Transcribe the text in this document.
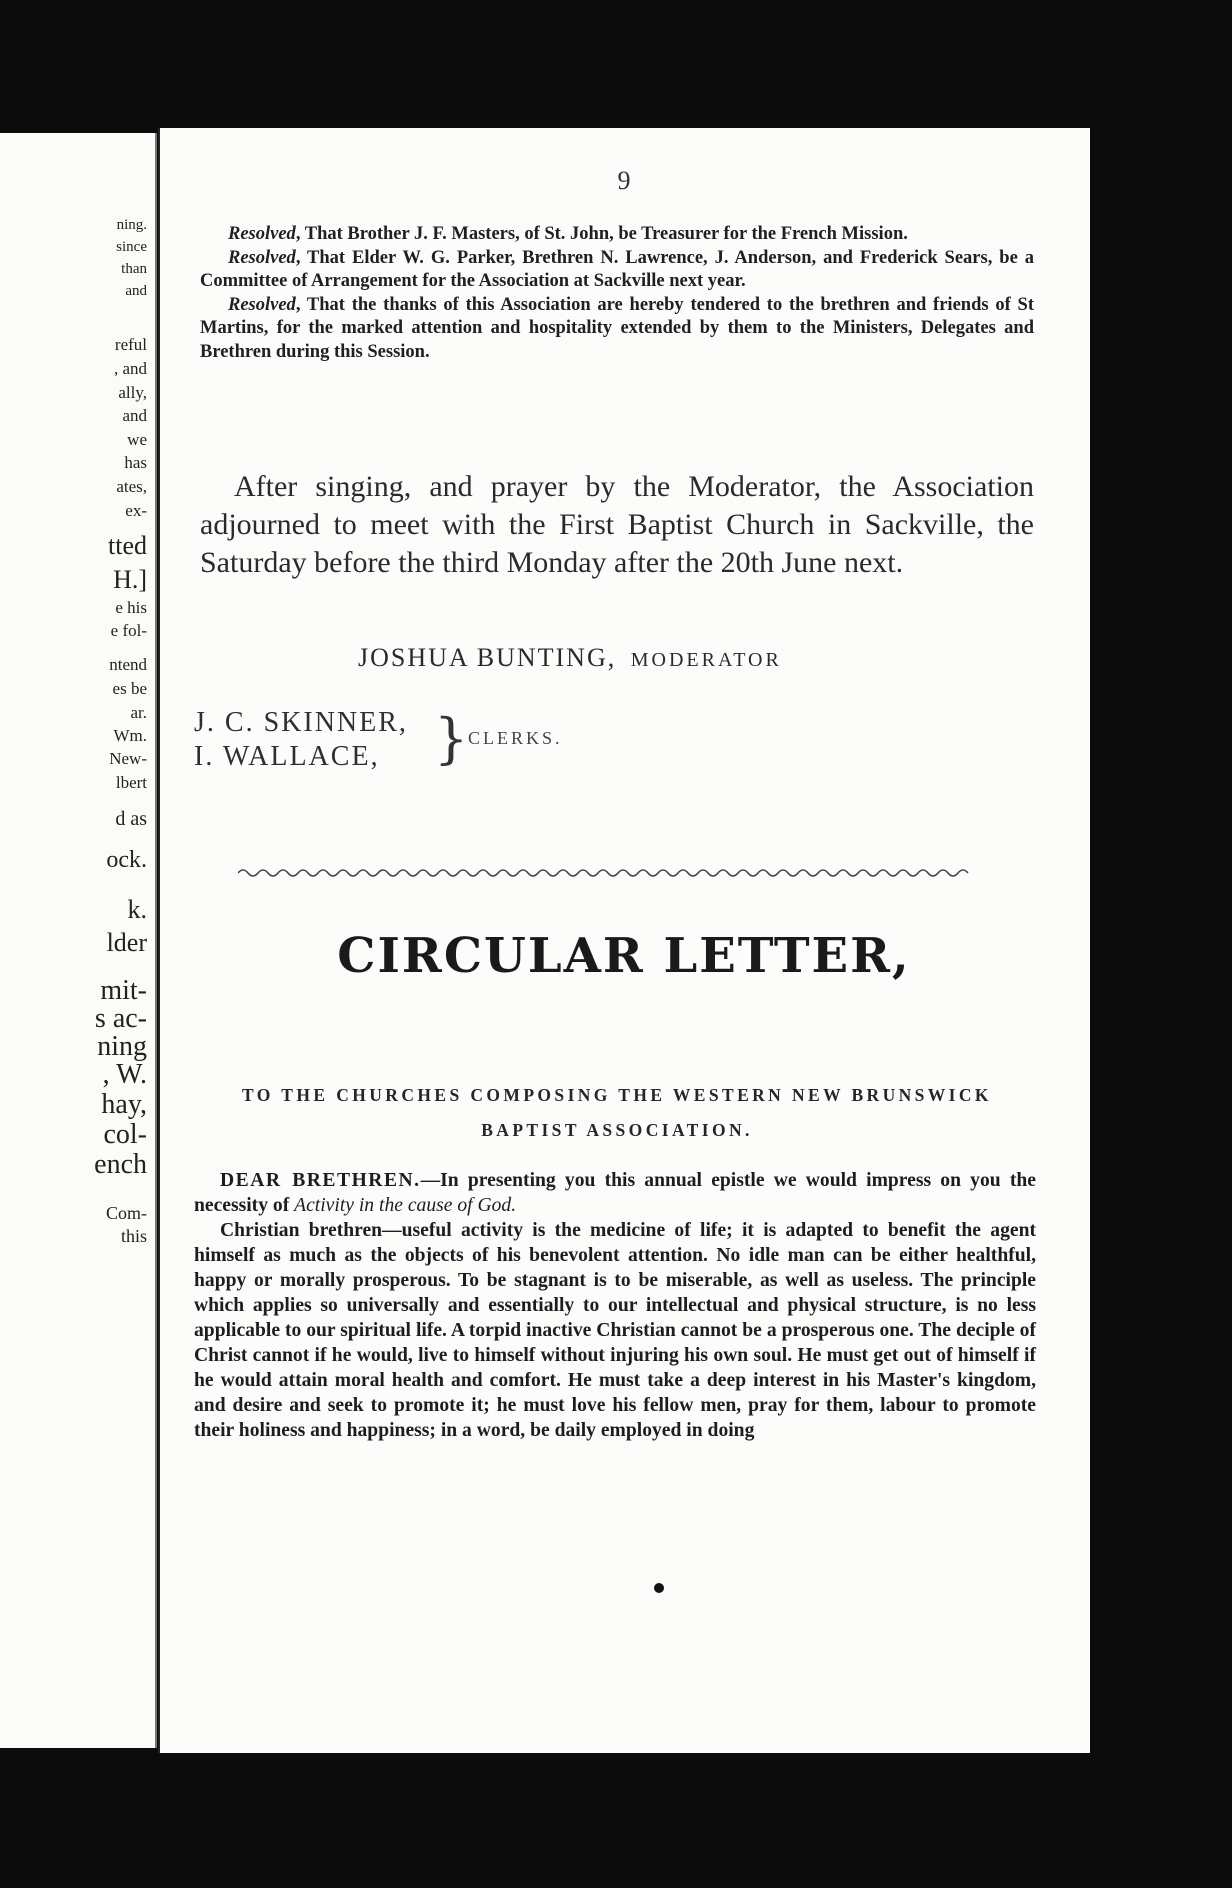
ning.
since
than
and
reful
, and
ally,
and
we
has
ates,
ex-
tted
H.]
e his
e fol-
ntend
es be
ar.
Wm.
New-
lbert
d as
ock.
k.
lder
mit-
s ac-
ning
, W.
hay,
col-
ench
Com-
this
9

Resolved, That Brother J. F. Masters, of St. John, be Treasurer for the French Mission.

Resolved, That Elder W. G. Parker, Brethren N. Lawrence, J. Anderson, and Frederick Sears, be a Committee of Arrangement for the Association at Sackville next year.

Resolved, That the thanks of this Association are hereby tendered to the brethren and friends of St Martins, for the marked attention and hospitality extended by them to the Ministers, Delegates and Brethren during this Session.

After singing, and prayer by the Moderator, the Association adjourned to meet with the First Baptist Church in Sackville, the Saturday before the third Monday after the 20th June next.
JOSHUA BUNTING, MODERATOR
J. C. SKINNER,
I. WALLACE,	} CLERKS.
CIRCULAR LETTER,
TO THE CHURCHES COMPOSING THE WESTERN NEW BRUNSWICK BAPTIST ASSOCIATION.

DEAR BRETHREN.—In presenting you this annual epistle we would impress on you the necessity of Activity in the cause of God.

Christian brethren—useful activity is the medicine of life; it is adapted to benefit the agent himself as much as the objects of his benevolent attention. No idle man can be either healthful, happy or morally prosperous. To be stagnant is to be miserable, as well as useless. The principle which applies so universally and essentially to our intellectual and physical structure, is no less applicable to our spiritual life. A torpid inactive Christian cannot be a prosperous one. The deciple of Christ cannot if he would, live to himself without injuring his own soul. He must get out of himself if he would attain moral health and comfort. He must take a deep interest in his Master's kingdom, and desire and seek to promote it; he must love his fellow men, pray for them, labour to promote their holiness and happiness; in a word, be daily employed in doing
